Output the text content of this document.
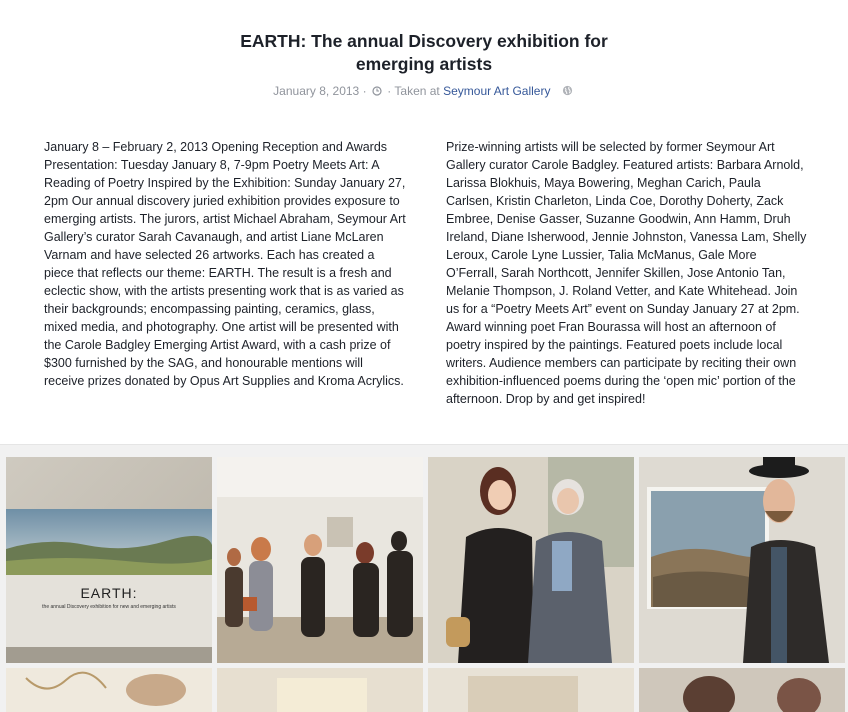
EARTH: The annual Discovery exhibition for
emerging artists
January 8, 2013 ·  · Taken at Seymour Art Gallery
January 8 – February 2, 2013 Opening Reception and Awards Presentation: Tuesday January 8, 7-9pm Poetry Meets Art: A Reading of Poetry Inspired by the Exhibition: Sunday January 27, 2pm Our annual discovery juried exhibition provides exposure to emerging artists. The jurors, artist Michael Abraham, Seymour Art Gallery’s curator Sarah Cavanaugh, and artist Liane McLaren Varnam and have selected 26 artworks. Each has created a piece that reflects our theme: EARTH. The result is a fresh and eclectic show, with the artists presenting work that is as varied as their backgrounds; encompassing painting, ceramics, glass, mixed media, and photography. One artist will be presented with the Carole Badgley Emerging Artist Award, with a cash prize of $300 furnished by the SAG, and honourable mentions will receive prizes donated by Opus Art Supplies and Kroma Acrylics.
Prize-winning artists will be selected by former Seymour Art Gallery curator Carole Badgley. Featured artists: Barbara Arnold, Larissa Blokhuis, Maya Bowering, Meghan Carich, Paula Carlsen, Kristin Charleton, Linda Coe, Dorothy Doherty, Zack Embree, Denise Gasser, Suzanne Goodwin, Ann Hamm, Druh Ireland, Diane Isherwood, Jennie Johnston, Vanessa Lam, Shelly Leroux, Carole Lyne Lussier, Talia McManus, Gale More O’Ferrall, Sarah Northcott, Jennifer Skillen, Jose Antonio Tan, Melanie Thompson, J. Roland Vetter, and Kate Whitehead. Join us for a “Poetry Meets Art” event on Sunday January 27 at 2pm. Award winning poet Fran Bourassa will host an afternoon of poetry inspired by the paintings. Featured poets include local writers. Audience members can participate by reciting their own exhibition-influenced poems during the ‘open mic’ portion of the afternoon. Drop by and get inspired!
EARTH:
the annual Discovery exhibition for new and emerging artists
